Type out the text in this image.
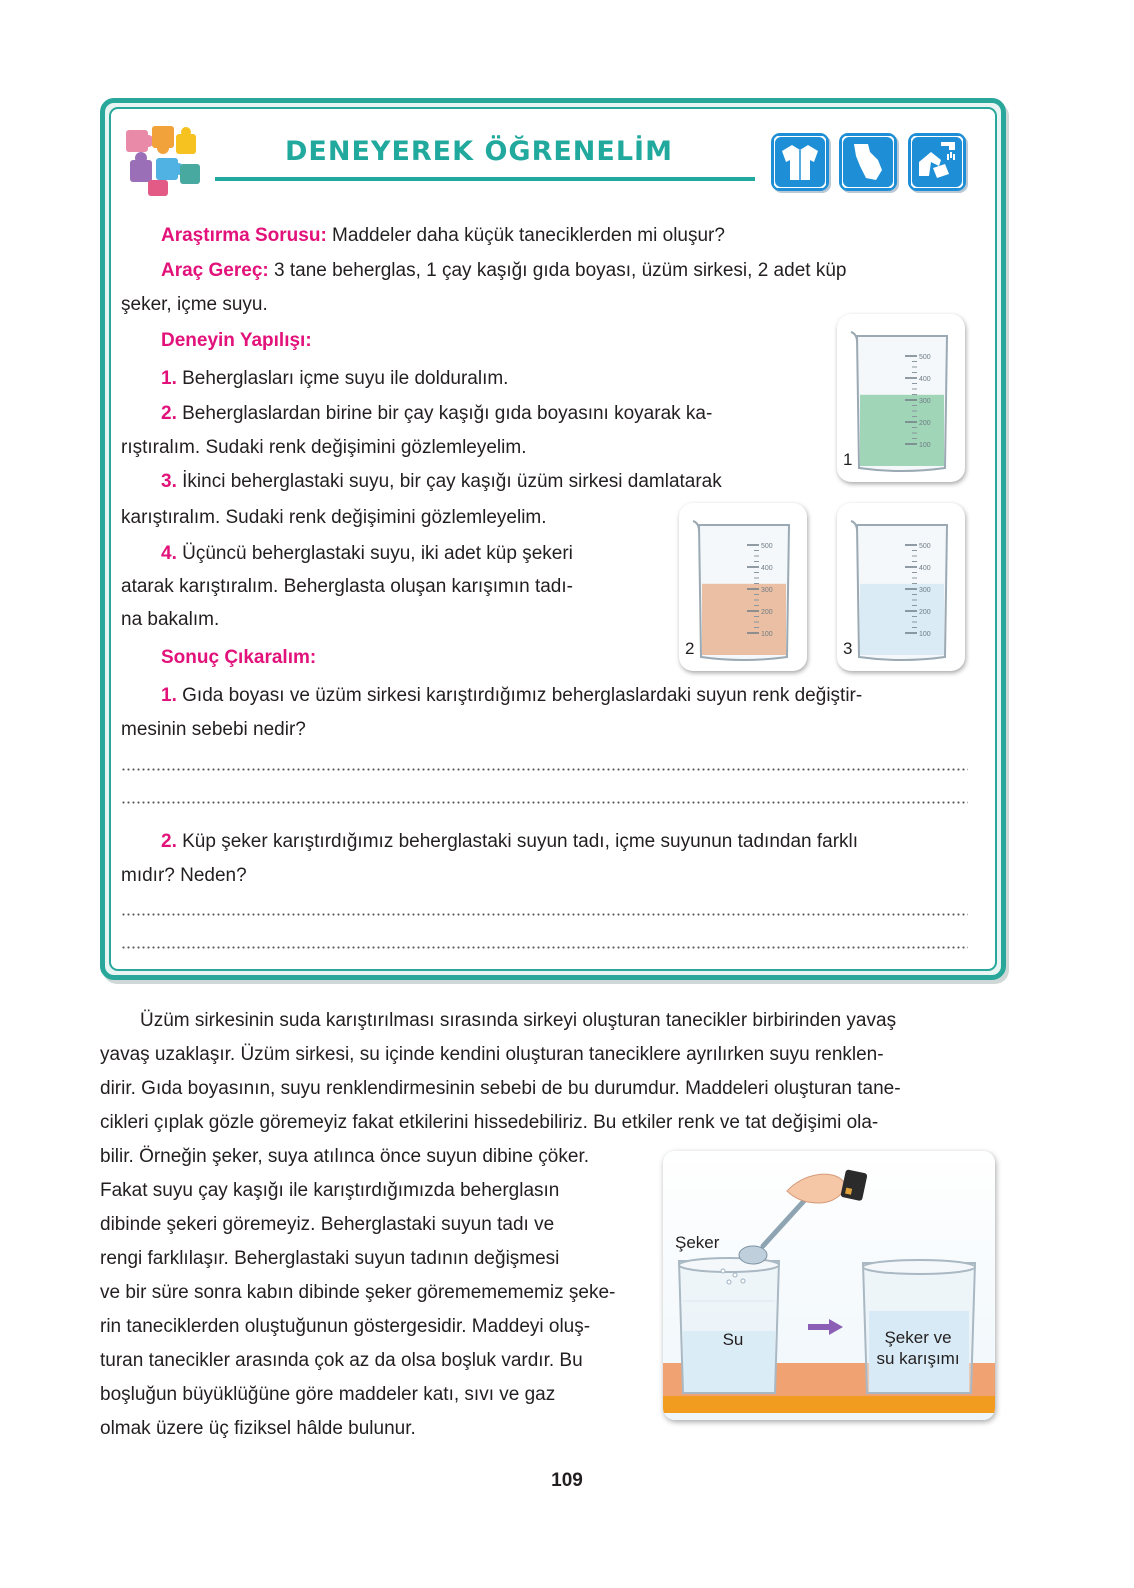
DENEYEREK ÖĞRENELİM
Araştırma Sorusu: Maddeler daha küçük taneciklerden mi oluşur?
Araç Gereç: 3 tane beherglas, 1 çay kaşığı gıda boyası, üzüm sirkesi, 2 adet küp
şeker, içme suyu.
Deneyin Yapılışı:
1. Beherglasları içme suyu ile dolduralım.
2. Beherglaslardan birine bir çay kaşığı gıda boyasını koyarak ka-
rıştıralım. Sudaki renk değişimini gözlemleyelim.
3. İkinci beherglastaki suyu, bir çay kaşığı üzüm sirkesi damlatarak
karıştıralım. Sudaki renk değişimini gözlemleyelim.
4. Üçüncü beherglastaki suyu, iki adet küp şekeri
atarak karıştıralım. Beherglasta oluşan karışımın tadı-
na bakalım.
Sonuç Çıkaralım:
1. Gıda boyası ve üzüm sirkesi karıştırdığımız beherglaslardaki suyun renk değiştir-
mesinin sebebi nedir?
2. Küp şeker karıştırdığımız beherglastaki suyun tadı, içme suyunun tadından farklı
mıdır? Neden?
500
400
300
200
100
1
500
400
300
200
100
2
500
400
300
200
100
3
Üzüm sirkesinin suda karıştırılması sırasında sirkeyi oluşturan tanecikler birbirinden yavaş
yavaş uzaklaşır. Üzüm sirkesi, su içinde kendini oluşturan taneciklere ayrılırken suyu renklen-
dirir. Gıda boyasının, suyu renklendirmesinin sebebi de bu durumdur. Maddeleri oluşturan tane-
cikleri çıplak gözle göremeyiz fakat etkilerini hissedebiliriz. Bu etkiler renk ve tat değişimi ola-
bilir. Örneğin şeker, suya atılınca önce suyun dibine çöker.
Fakat suyu çay kaşığı ile karıştırdığımızda beherglasın
dibinde şekeri göremeyiz. Beherglastaki suyun tadı ve
rengi farklılaşır. Beherglastaki suyun tadının değişmesi
ve bir süre sonra kabın dibinde şeker görememememiz şeke-
rin taneciklerden oluştuğunun göstergesidir. Maddeyi oluş-
turan tanecikler arasında çok az da olsa boşluk vardır. Bu
boşluğun büyüklüğüne göre maddeler katı, sıvı ve gaz
olmak üzere üç fiziksel hâlde bulunur.
Şeker
Su	Şeker ve
su karışımı
109
